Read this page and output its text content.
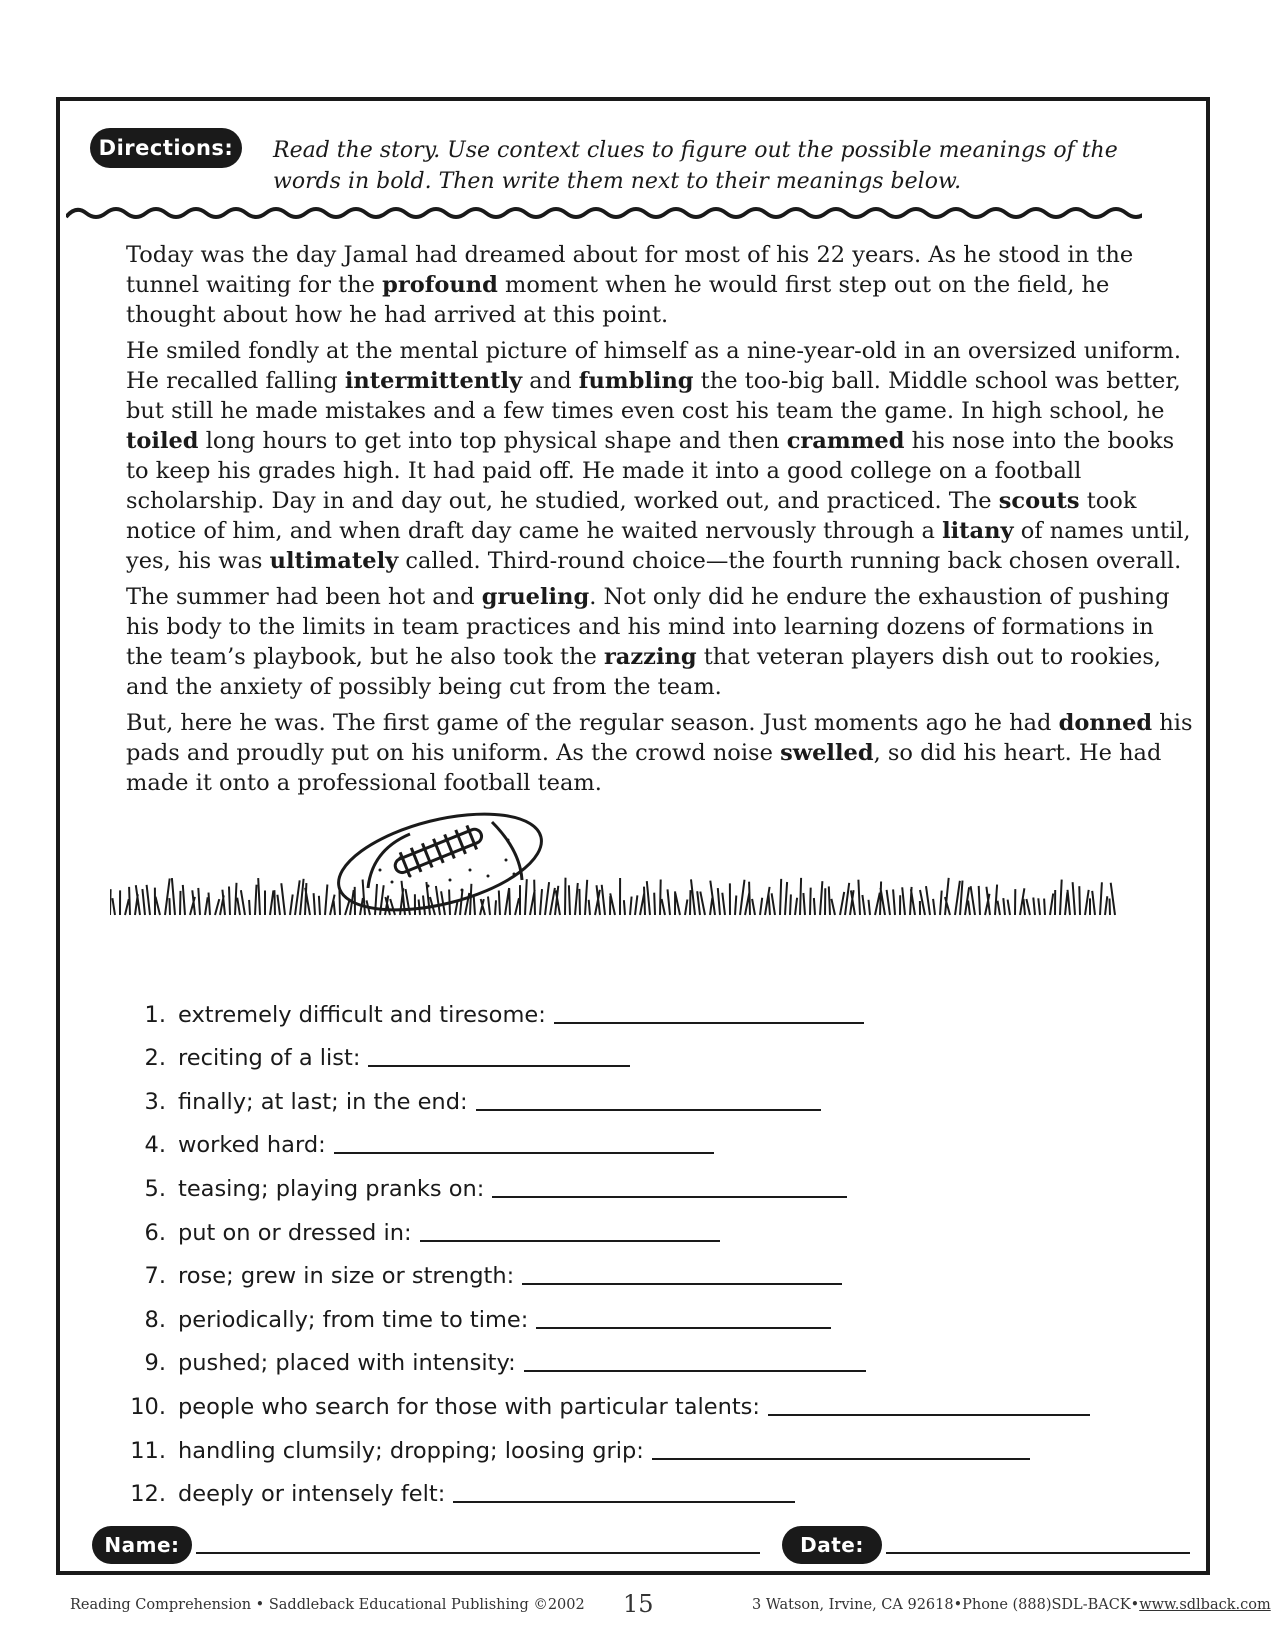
Directions:	Read the story. Use context clues to figure out the possible meanings of the words in bold. Then write them next to their meanings below.

Today was the day Jamal had dreamed about for most of his 22 years. As he stood in the tunnel waiting for the profound moment when he would first step out on the field, he thought about how he had arrived at this point.

He smiled fondly at the mental picture of himself as a nine-year-old in an oversized uniform. He recalled falling intermittently and fumbling the too-big ball. Middle school was better, but still he made mistakes and a few times even cost his team the game. In high school, he toiled long hours to get into top physical shape and then crammed his nose into the books to keep his grades high. It had paid off. He made it into a good college on a football scholarship. Day in and day out, he studied, worked out, and practiced. The scouts took notice of him, and when draft day came he waited nervously through a litany of names until, yes, his was ultimately called. Third-round choice—the fourth running back chosen overall.

The summer had been hot and grueling. Not only did he endure the exhaustion of pushing his body to the limits in team practices and his mind into learning dozens of formations in the team’s playbook, but he also took the razzing that veteran players dish out to rookies, and the anxiety of possibly being cut from the team.

But, here he was. The first game of the regular season. Just moments ago he had donned his pads and proudly put on his uniform. As the crowd noise swelled, so did his heart. He had made it onto a professional football team.

1. extremely difficult and tiresome:
2. reciting of a list:
3. finally; at last; in the end:
4. worked hard:
5. teasing; playing pranks on:
6. put on or dressed in:
7. rose; grew in size or strength:
8. periodically; from time to time:
9. pushed; placed with intensity:
10. people who search for those with particular talents:
11. handling clumsily; dropping; loosing grip:
12. deeply or intensely felt:
Name:	Date:
Reading Comprehension • Saddleback Educational Publishing ©2002 15	3 Watson, Irvine, CA 92618•Phone (888)SDL-BACK•www.sdlback.com
